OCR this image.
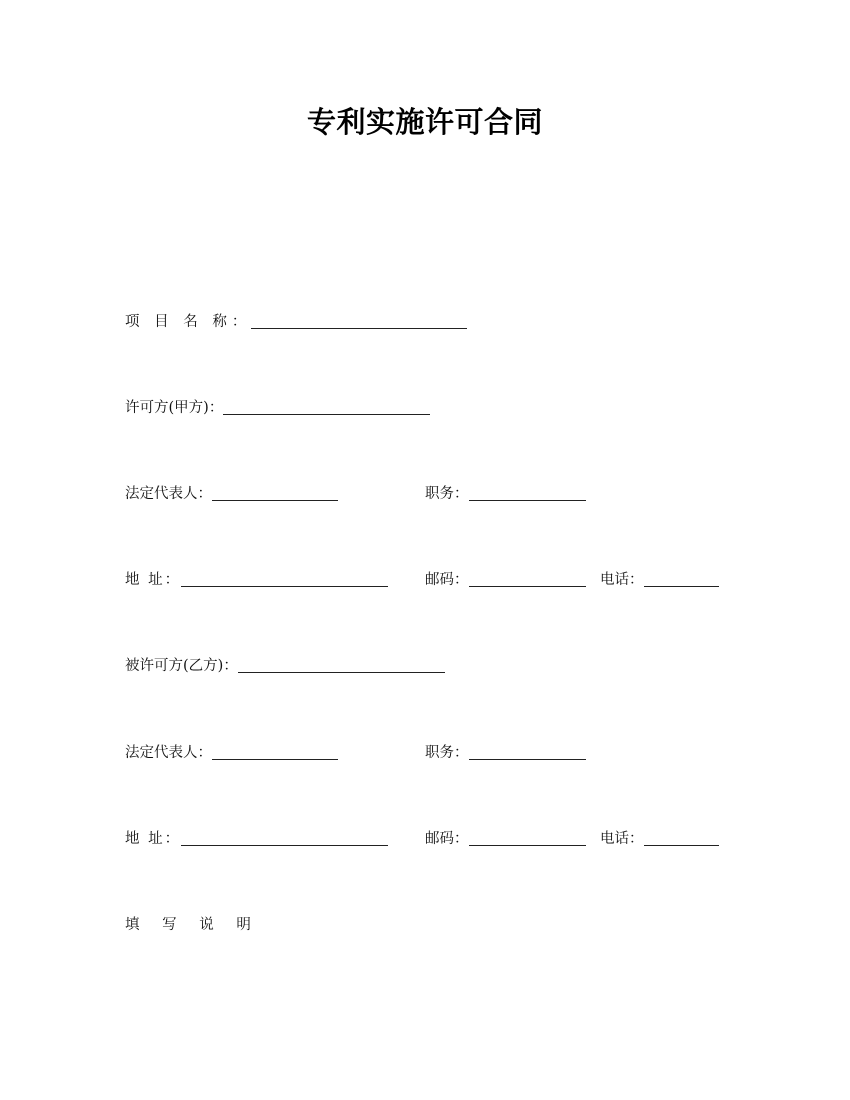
专利实施许可合同
项 目 名 称：
许可方(甲方)：
法定代表人：	职务：
地 址：	邮码：	电话：
被许可方(乙方)：
法定代表人：	职务：
地 址：	邮码：	电话：
填 写 说 明
